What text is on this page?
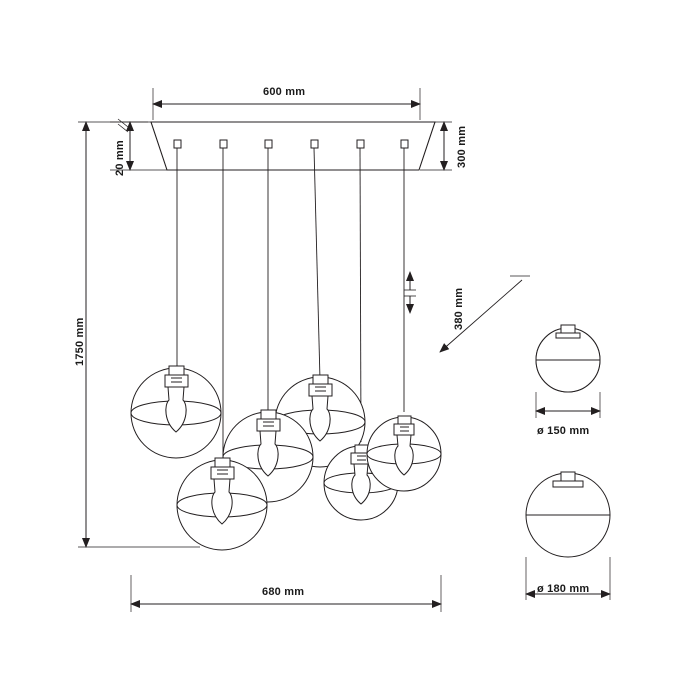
600 mm
300 mm
20 mm
1750 mm
680 mm
380 mm
ø 150 mm
ø 180 mm
